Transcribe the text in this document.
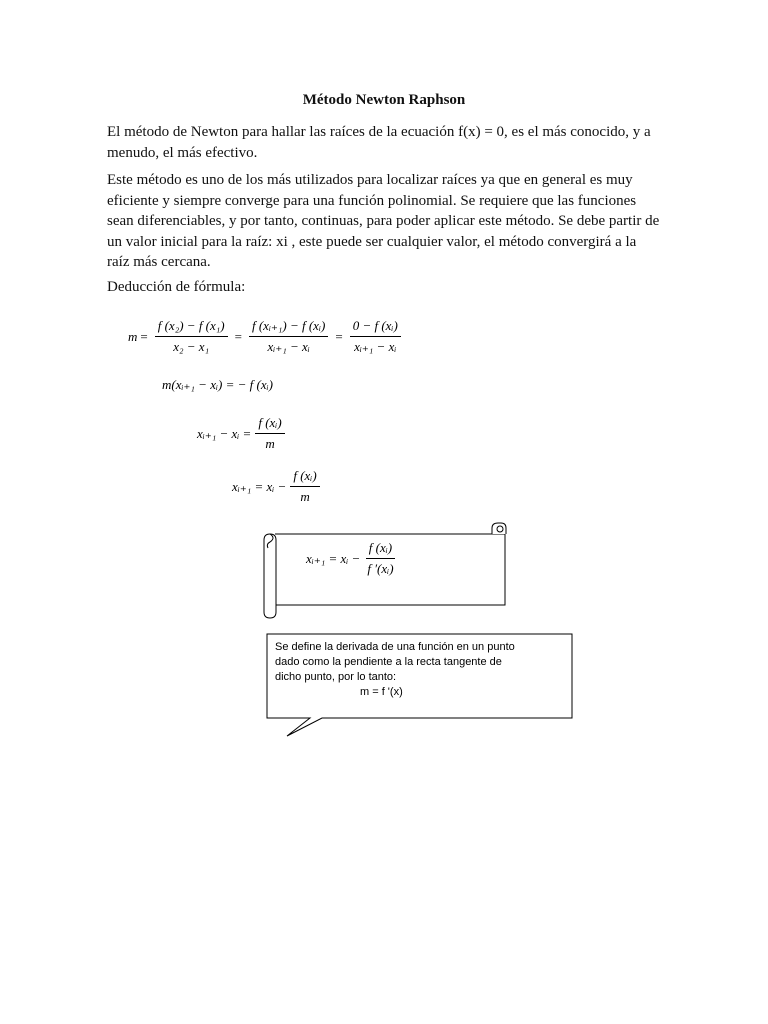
Método Newton Raphson

El método de Newton para hallar las raíces de la ecuación f(x) = 0, es el más conocido, y a
menudo, el más efectivo.

Este método es uno de los más utilizados para localizar raíces ya que en general es muy
eficiente y siempre converge para una función polinomial. Se requiere que las funciones
sean diferenciables, y por tanto, continuas, para poder aplicar este método. Se debe partir de
un valor inicial para la raíz: xi , este puede ser cualquier valor, el método convergirá a la
raíz más cercana.

Deducción de fórmula:

$m = \frac{\text{f (x₂) − f (x₁)}}{\text{x₂ − x₁}} = \frac{\text{f (xᵢ₊₁) − f (xᵢ)}}{\text{xᵢ₊₁ − xᵢ}} = \frac{\text{0 − f (xᵢ)}}{\text{xᵢ₊₁ − xᵢ}}$
m(xᵢ₊₁ − xᵢ) = − f (xᵢ)
xᵢ₊₁ − xᵢ = $\frac{\text{f (xᵢ)}}{m}$
xᵢ₊₁ = xᵢ − $\frac{\text{f (xᵢ)}}{m}$
xᵢ₊₁ = xᵢ − $\frac{\text{f (xᵢ)}}{\text{f ′(xᵢ)}}$
Se define la derivada de una función en un punto
dado como la pendiente a la recta tangente de
dicho punto, por lo tanto:
m = f '(x)
